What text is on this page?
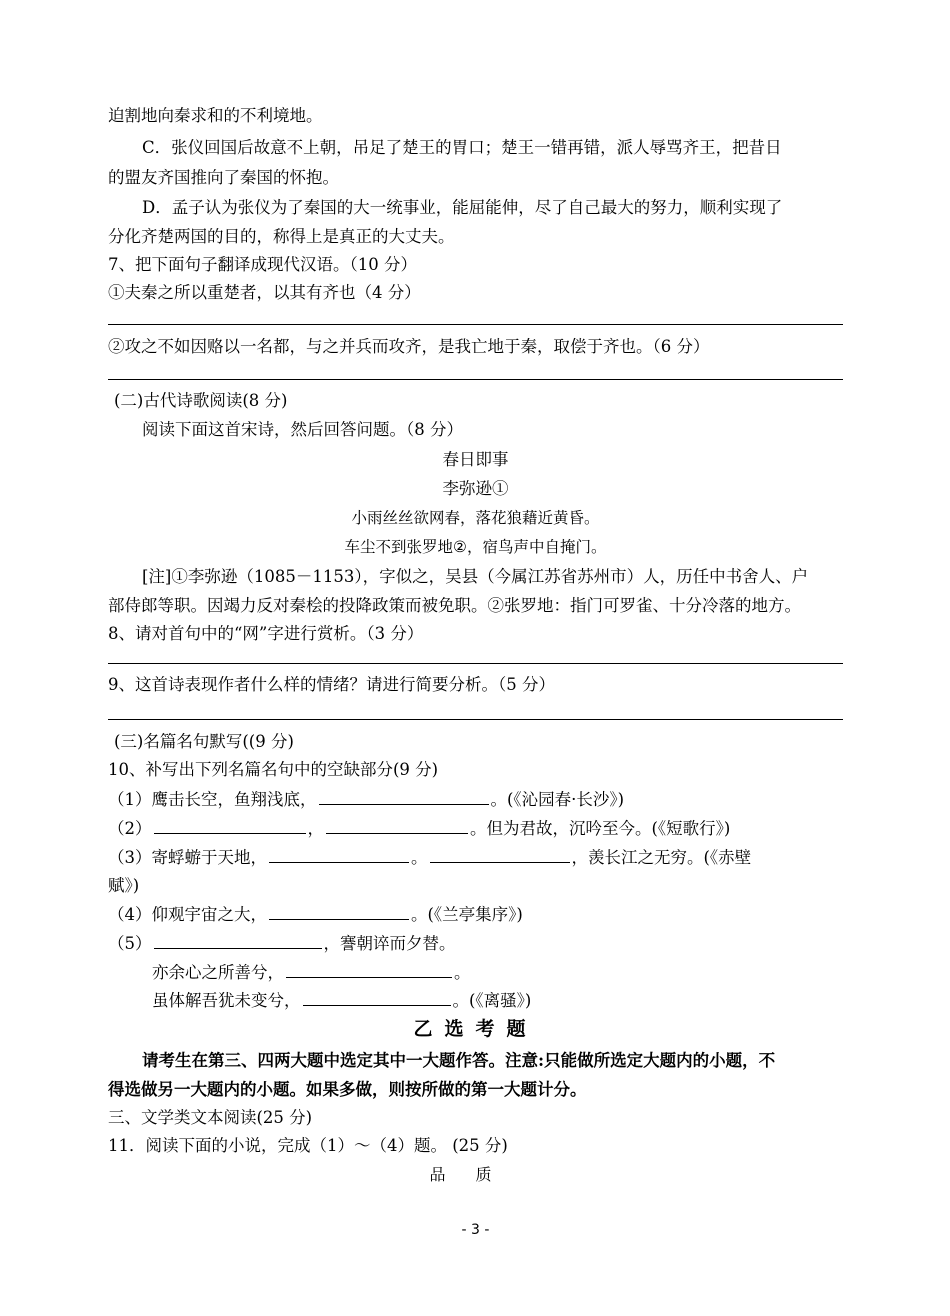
迫割地向秦求和的不利境地。
C．张仪回国后故意不上朝，吊足了楚王的胃口；楚王一错再错，派人辱骂齐王，把昔日
的盟友齐国推向了秦国的怀抱。
D．孟子认为张仪为了秦国的大一统事业，能屈能伸，尽了自己最大的努力，顺利实现了
分化齐楚两国的目的，称得上是真正的大丈夫。
7、把下面句子翻译成现代汉语。（10 分）
①夫秦之所以重楚者，以其有齐也（4 分）
②攻之不如因赂以一名都，与之并兵而攻齐，是我亡地于秦，取偿于齐也。（6 分）
(二)古代诗歌阅读(8 分)
阅读下面这首宋诗，然后回答问题。（8 分）
春日即事
李弥逊①
小雨丝丝欲网春，落花狼藉近黄昏。
车尘不到张罗地②，宿鸟声中自掩门。
[注]①李弥逊（1085－1153），字似之，吴县（今属江苏省苏州市）人，历任中书舍人、户
部侍郎等职。因竭力反对秦桧的投降政策而被免职。②张罗地：指门可罗雀、十分冷落的地方。
8、请对首句中的“网”字进行赏析。（3 分）
9、这首诗表现作者什么样的情绪？请进行简要分析。（5 分）
(三)名篇名句默写((9 分)
10、补写出下列名篇名句中的空缺部分(9 分)
（1）鹰击长空，鱼翔浅底，	。(《沁园春·长沙》)
（2）	，	。但为君故，沉吟至今。(《短歌行》)
（3）寄蜉蝣于天地，	。	，羡长江之无穷。(《赤壁
赋》)
（4）仰观宇宙之大，	。(《兰亭集序》)
（5）	，謇朝谇而夕替。
亦余心之所善兮，	。
虽体解吾犹未变兮，	。(《离骚》)
乙选考题
请考生在第三、四两大题中选定其中一大题作答。注意:只能做所选定大题内的小题，不
得选做另一大题内的小题。如果多做，则按所做的第一大题计分。
三、文学类文本阅读(25 分)
11．阅读下面的小说，完成（1）～（4）题。 (25 分)
品质
- 3 -
